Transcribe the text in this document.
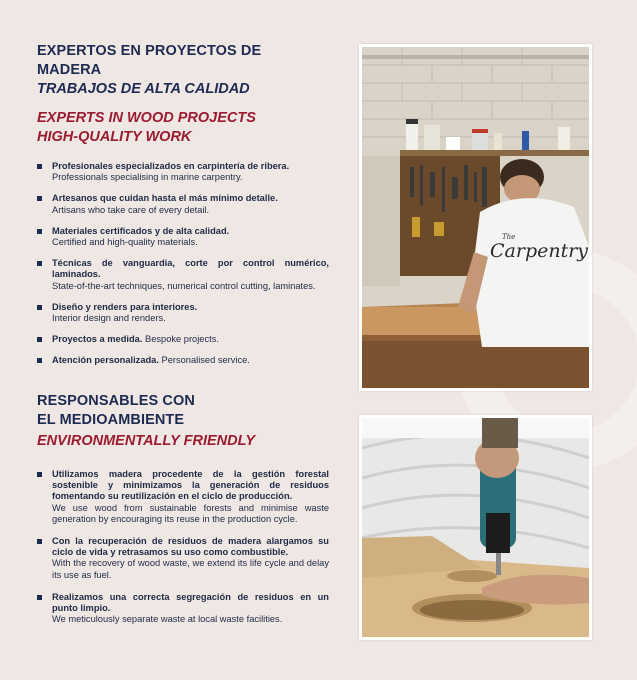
EXPERTOS EN PROYECTOS DE MADERA
TRABAJOS DE ALTA CALIDAD
EXPERTS IN WOOD PROJECTS
HIGH-QUALITY WORK
Profesionales especializados en carpintería de ribera.
Professionals specialising in marine carpentry.
Artesanos que cuidan hasta el más mínimo detalle.
Artisans who take care of every detail.
Materiales certificados y de alta calidad.
Certified and high-quality materials.
Técnicas de vanguardia, corte por control numérico, laminados.
State-of-the-art techniques, numerical control cutting, laminates.
Diseño y renders para interiores.
Interior design and renders.
Proyectos a medida. Bespoke projects.
Atención personalizada. Personalised service.
RESPONSABLES CON
EL MEDIOAMBIENTE
ENVIRONMENTALLY FRIENDLY
Utilizamos madera procedente de la gestión forestal sostenible y minimizamos la generación de residuos fomentando su reutilización en el ciclo de producción.
We use wood from sustainable forests and minimise waste generation by encouraging its reuse in the production cycle.
Con la recuperación de residuos de madera alargamos su ciclo de vida y retrasamos su uso como combustible.
With the recovery of wood waste, we extend its life cycle and delay its use as fuel.
Realizamos una correcta segregación de residuos en un punto limpio.
We meticulously separate waste at local waste facilities.
The
Carpentry
